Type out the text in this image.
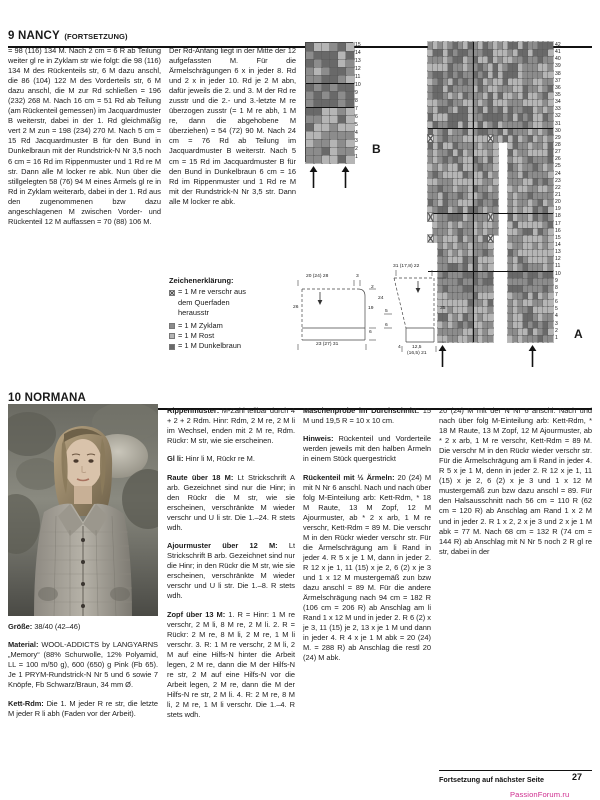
9 NANCY (FORTSETZUNG)

= 98 (116) 134 M. Nach 2 cm = 6 R ab Teilung weiter gl re in Zyklam str wie folgt: die 98 (116) 134 M des Rückenteils str, 6 M dazu anschl, die 86 (104) 122 M des Vorderteils str, 6 M dazu anschl, die M zur Rd schließen = 196 (232) 268 M. Nach 16 cm = 51 Rd ab Teilung (am Rückenteil gemessen) im Jacquardmuster B weiterstr, dabei in der 1. Rd gleichmäßig vert 2 M zun = 198 (234) 270 M. Nach 5 cm = 15 Rd Jacquardmuster B für den Bund in Dunkelbraun mit der Rundstrick-N Nr 3,5 noch 6 cm = 16 Rd im Rippenmuster und 1 Rd re M str. Dann alle M locker re abk. Nun über die stillgelegten 58 (76) 94 M eines Ärmels gl re in Rd in Zyklam weiterarb, dabei in der 1. Rd aus den zugenommenen bzw dazu angeschlagenen M zwischen Vorder- und Rückenteil 12 M auffassen = 70 (88) 106 M.

Der Rd-Anfang liegt in der Mitte der 12 aufgefassten M. Für die Ärmelschrägungen 6 x in jeder 8. Rd und 2 x in jeder 10. Rd je 2 M abn, dafür jeweils die 2. und 3. M der Rd re zusstr und die 2.- und 3.-letzte M re überzogen zusstr (= 1 M re abh, 1 M re, dann die abgehobene M überziehen) = 54 (72) 90 M. Nach 24 cm = 76 Rd ab Teilung im Jacquardmuster B weiterstr. Nach 5 cm = 15 Rd im Jacquardmuster B für den Bund in Dunkelbraun 6 cm = 16 Rd im Rippenmuster und 1 Rd re M mit der Rundstrick-N Nr 3,5 str. Dann alle M locker re abk.

Zeichenerklärung:
= 1 M re verschr aus
dem Querfaden
herausstr
= 1 M Zyklam
= 1 M Rost
= 1 M Dunkelbraun
1
2
3
4
5
6
7
8
9
10
11
12
13
14
15
B
1
2
3
4
5
6
7
8
9
10
11
12
13
14
15
16
17
18
19
20
21
22
23
24
25
26
27
28
29
30
31
32
33
34
35
36
37
38
39
40
41
42
A
20 (24) 28	3
2
19
6
26
23 (27) 31
31 (17,8) 22
24
5
6
35
4 12,5
(16,5) 21
10 NORMANA

Größe: 38/40 (42–46)

Material: WOOL-ADDICTS by LANGYARNS „Memory“ (88% Schurwolle, 12% Polyamid, LL = 100 m/50 g), 600 (650) g Pink (Fb 65). Je 1 PRYM-Rundstrick-N Nr 5 und 6 sowie 7 Knöpfe, Fb Schwarz/Braun, 34 mm Ø.

Kett-Rdm: Die 1. M jeder R re str, die letzte M jeder R li abh (Faden vor der Arbeit).

Rippenmuster: M-Zahl teilbar durch 4 + 2 + 2 Rdm. Hinr: Rdm, 2 M re, 2 M li im Wechsel, enden mit 2 M re, Rdm. Rückr: M str, wie sie erscheinen.

Gl li: Hinr li M, Rückr re M.

Raute über 18 M: Lt Strickschrift A arb. Gezeichnet sind nur die Hinr; in den Rückr die M str, wie sie erscheinen, verschränkte M wieder verschr und U li str. Die 1.–24. R stets wdh.

Ajourmuster über 12 M: Lt Strickschrift B arb. Gezeichnet sind nur die Hinr; in den Rückr die M str, wie sie erscheinen, verschränkte M wieder verschr und U li str. Die 1.–8. R stets wdh.

Zopf über 13 M: 1. R = Hinr: 1 M re verschr, 2 M li, 8 M re, 2 M li. 2. R = Rückr: 2 M re, 8 M li, 2 M re, 1 M li verschr. 3. R: 1 M re verschr, 2 M li, 2 M auf eine Hilfs-N hinter die Arbeit legen, 2 M re, dann die M der Hilfs-N re str, 2 M auf eine Hilfs-N vor die Arbeit legen, 2 M re, dann die M der Hilfs-N re str, 2 M li. 4. R: 2 M re, 8 M li, 2 M re, 1 M li verschr. Die 1.–4. R stets wdh.

Maschenprobe im Durchschnitt: 15 M und 19,5 R = 10 x 10 cm.

Hinweis: Rückenteil und Vorderteile werden jeweils mit den halben Ärmeln in einem Stück quergestrickt

Rückenteil mit ½ Ärmeln: 20 (24) M mit N Nr 6 anschl. Nach und nach über folg M-Einteilung arb: Kett-Rdm, * 18 M Raute, 13 M Zopf, 12 M Ajourmuster, ab * 2 x arb, 1 M re verschr, Kett-Rdm = 89 M. Die verschr M in den Rückr wieder verschr str. Für die Ärmelschrägung am li Rand in jeder 4. R 5 x je 1 M, dann in jeder 2. R 12 x je 1, 11 (15) x je 2, 6 (2) x je 3 und 1 x 12 M mustergemäß zun bzw dazu anschl = 89 M. Für die andere Ärmelschrägung nach 94 cm = 182 R (106 cm = 206 R) ab Anschlag am li Rand 1 x 12 M und in jeder 2. R 6 (2) x je 3, 11 (15) je 2, 13 x je 1 M und dann in jeder 4. R 4 x je 1 M abk = 20 (24) M. = 288 R) ab Anschlag die restl 20 (24) M abk.

20 (24) M mit der N Nr 6 anschl. Nach und nach über folg M-Einteilung arb: Kett-Rdm, * 18 M Raute, 13 M Zopf, 12 M Ajourmuster, ab * 2 x arb, 1 M re verschr, Kett-Rdm = 89 M. Die verschr M in den Rückr wieder verschr str. Für die Ärmelschrägung am li Rand in jeder 4. R 5 x je 1 M, denn in jeder 2. R 12 x je 1, 11 (15) x je 2, 6 (2) x je 3 und 1 x 12 M mustergemäß zun bzw dazu anschl = 89. Für den Halsausschnitt nach 56 cm = 110 R (62 cm = 120 R) ab Anschlag am Rand 1 x 2 M und in jeder 2. R 1 x 2, 2 x je 3 und 2 x je 1 M abk = 77 M. Nach 68 cm = 132 R (74 cm = 144 R) ab Anschlag mit N Nr 5 noch 2 R gl re str, dabei in der

Fortsetzung auf nächster Seite	27
PassionForum.ru
